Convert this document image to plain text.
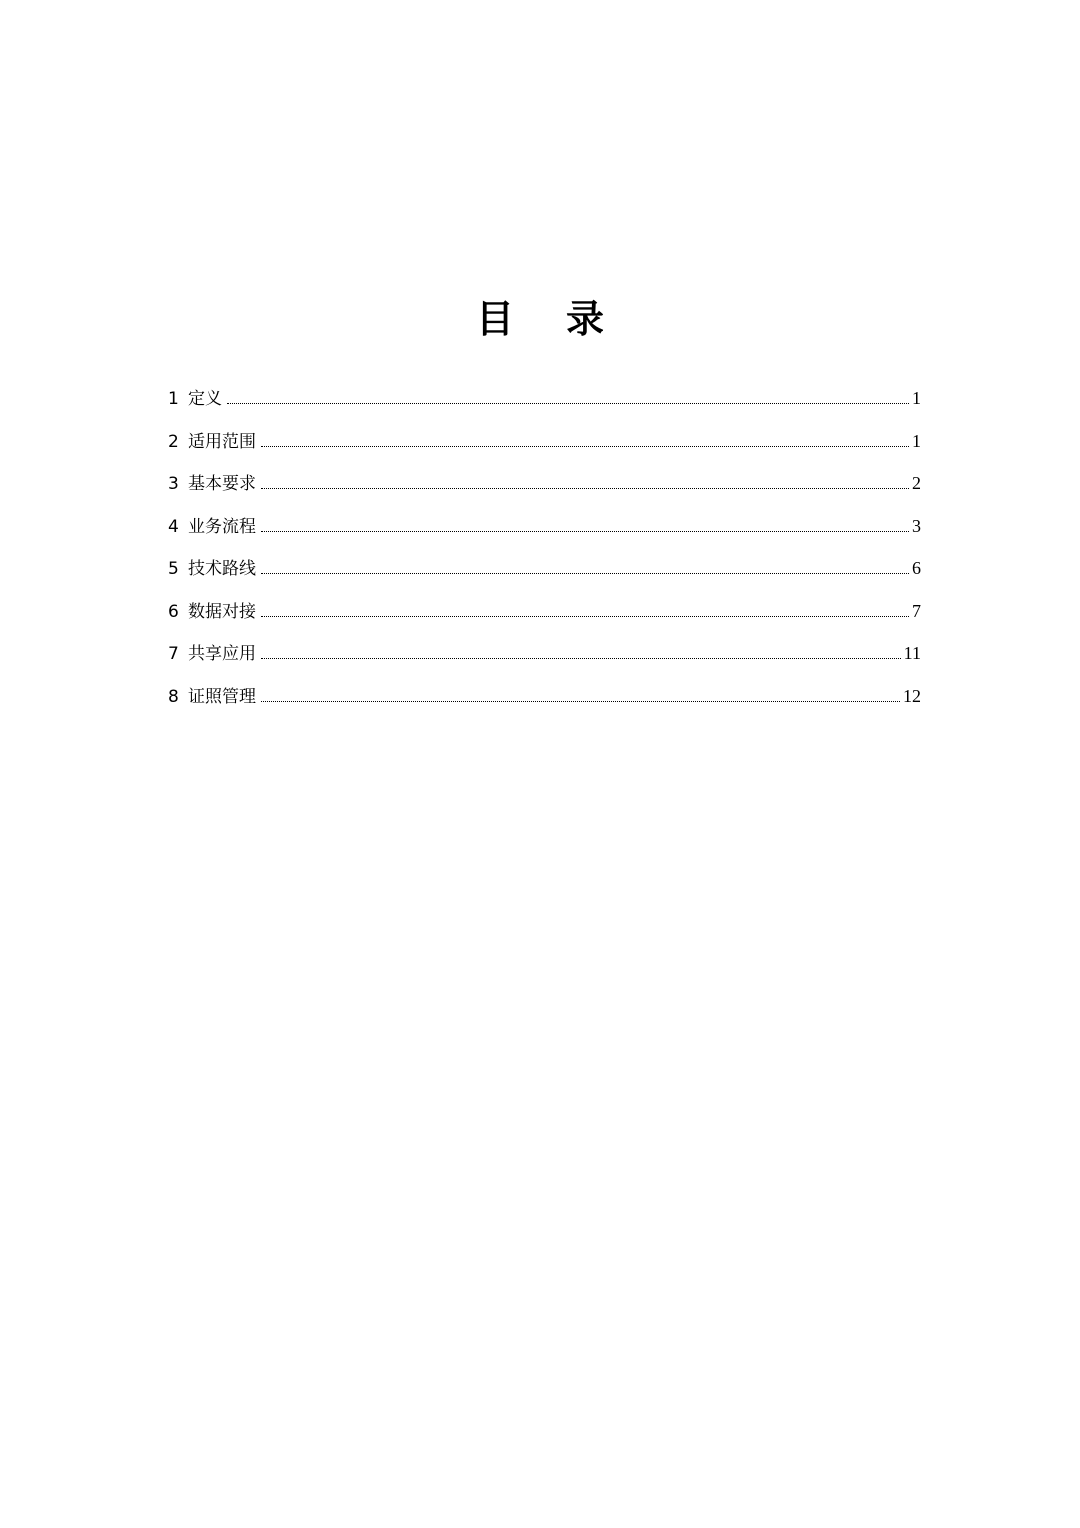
目 录
1 定义	1
2 适用范围	1
3 基本要求	2
4 业务流程	3
5 技术路线	6
6 数据对接	7
7 共享应用	11
8 证照管理	12
